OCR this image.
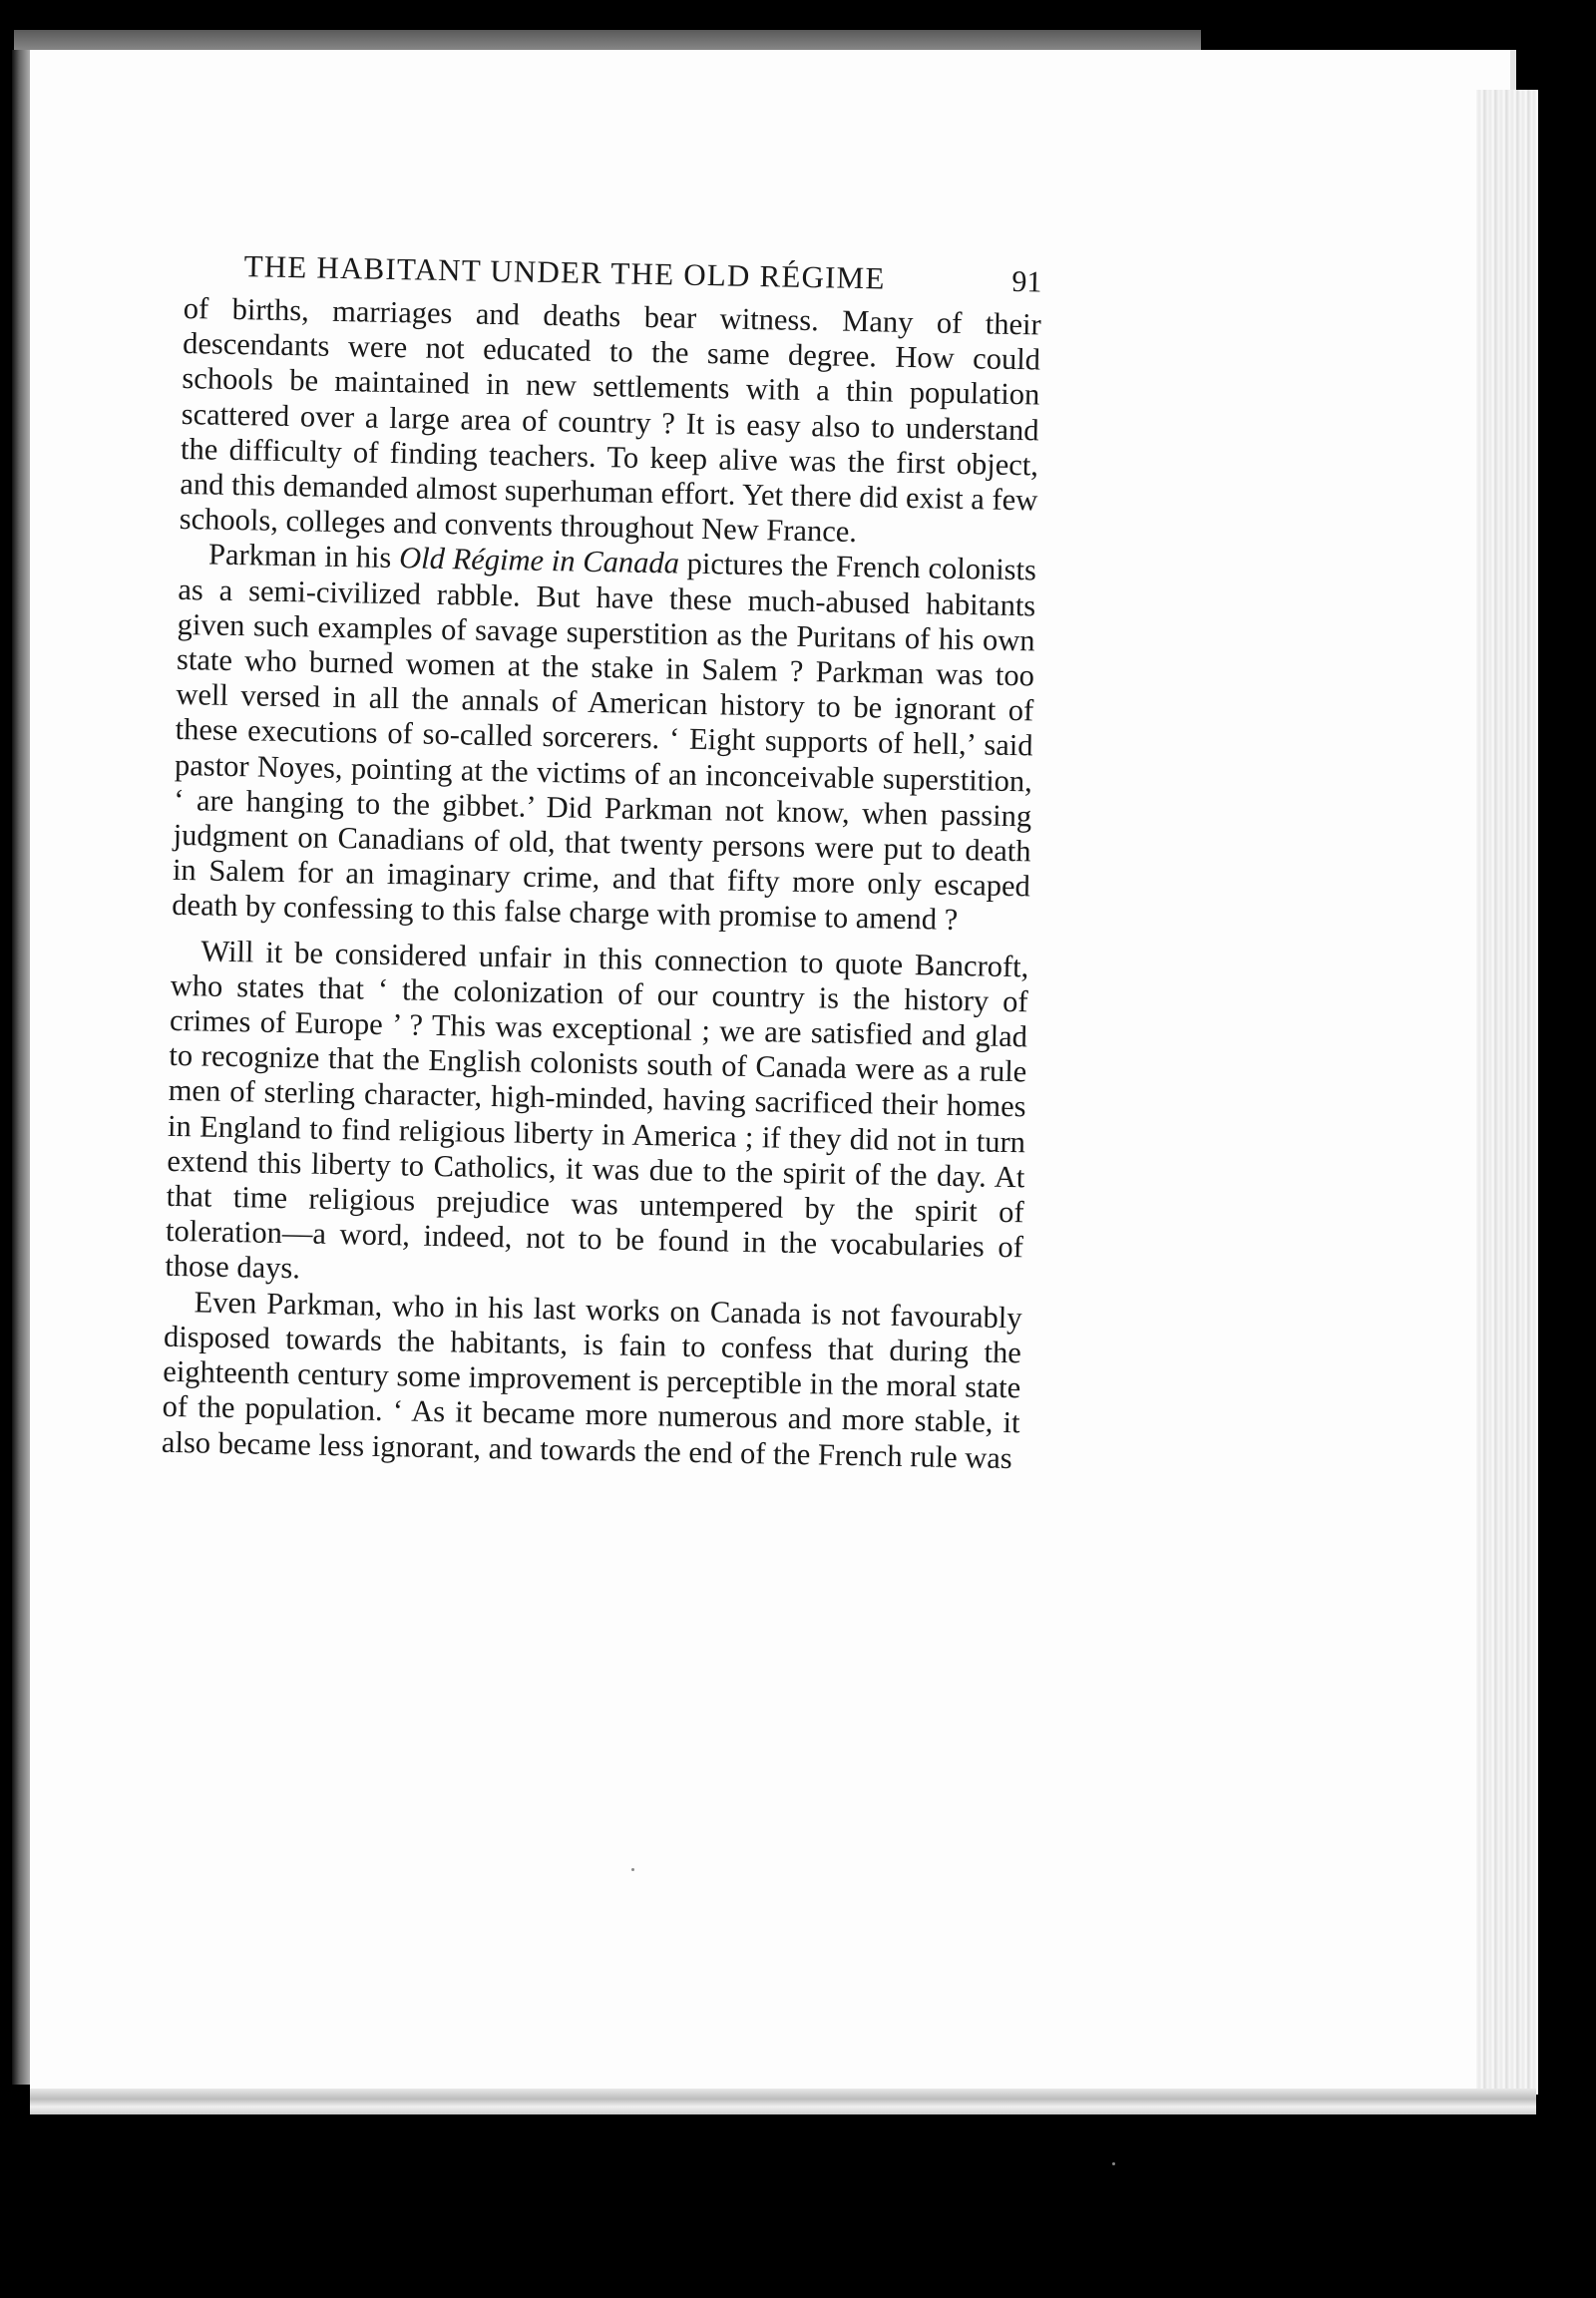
THE HABITANT UNDER THE OLD RÉGIME	91

of births, marriages and deaths bear witness. Many of their descendants were not educated to the same degree. How could schools be maintained in new settlements with a thin population scattered over a large area of country ? It is easy also to understand the difficulty of finding teachers. To keep alive was the first object, and this demanded almost superhuman effort. Yet there did exist a few schools, colleges and convents throughout New France.

Parkman in his Old Régime in Canada pictures the French colonists as a semi-civilized rabble. But have these much-abused habitants given such examples of savage superstition as the Puritans of his own state who burned women at the stake in Salem ? Parkman was too well versed in all the annals of American history to be ignorant of these executions of so-called sorcerers. ‘ Eight supports of hell,’ said pastor Noyes, pointing at the victims of an inconceivable superstition, ‘ are hanging to the gibbet.’ Did Parkman not know, when passing judgment on Canadians of old, that twenty persons were put to death in Salem for an imaginary crime, and that fifty more only escaped death by confessing to this false charge with promise to amend ?

Will it be considered unfair in this connection to quote Bancroft, who states that ‘ the colonization of our country is the history of crimes of Europe ’ ? This was exceptional ; we are satisfied and glad to recognize that the English colonists south of Canada were as a rule men of sterling character, high-minded, having sacrificed their homes in England to find religious liberty in America ; if they did not in turn extend this liberty to Catholics, it was due to the spirit of the day. At that time religious prejudice was untempered by the spirit of toleration—a word, indeed, not to be found in the vocabularies of those days.

Even Parkman, who in his last works on Canada is not favourably disposed towards the habitants, is fain to confess that during the eighteenth century some improvement is perceptible in the moral state of the population. ‘ As it became more numerous and more stable, it also became less ignorant, and towards the end of the French rule was
